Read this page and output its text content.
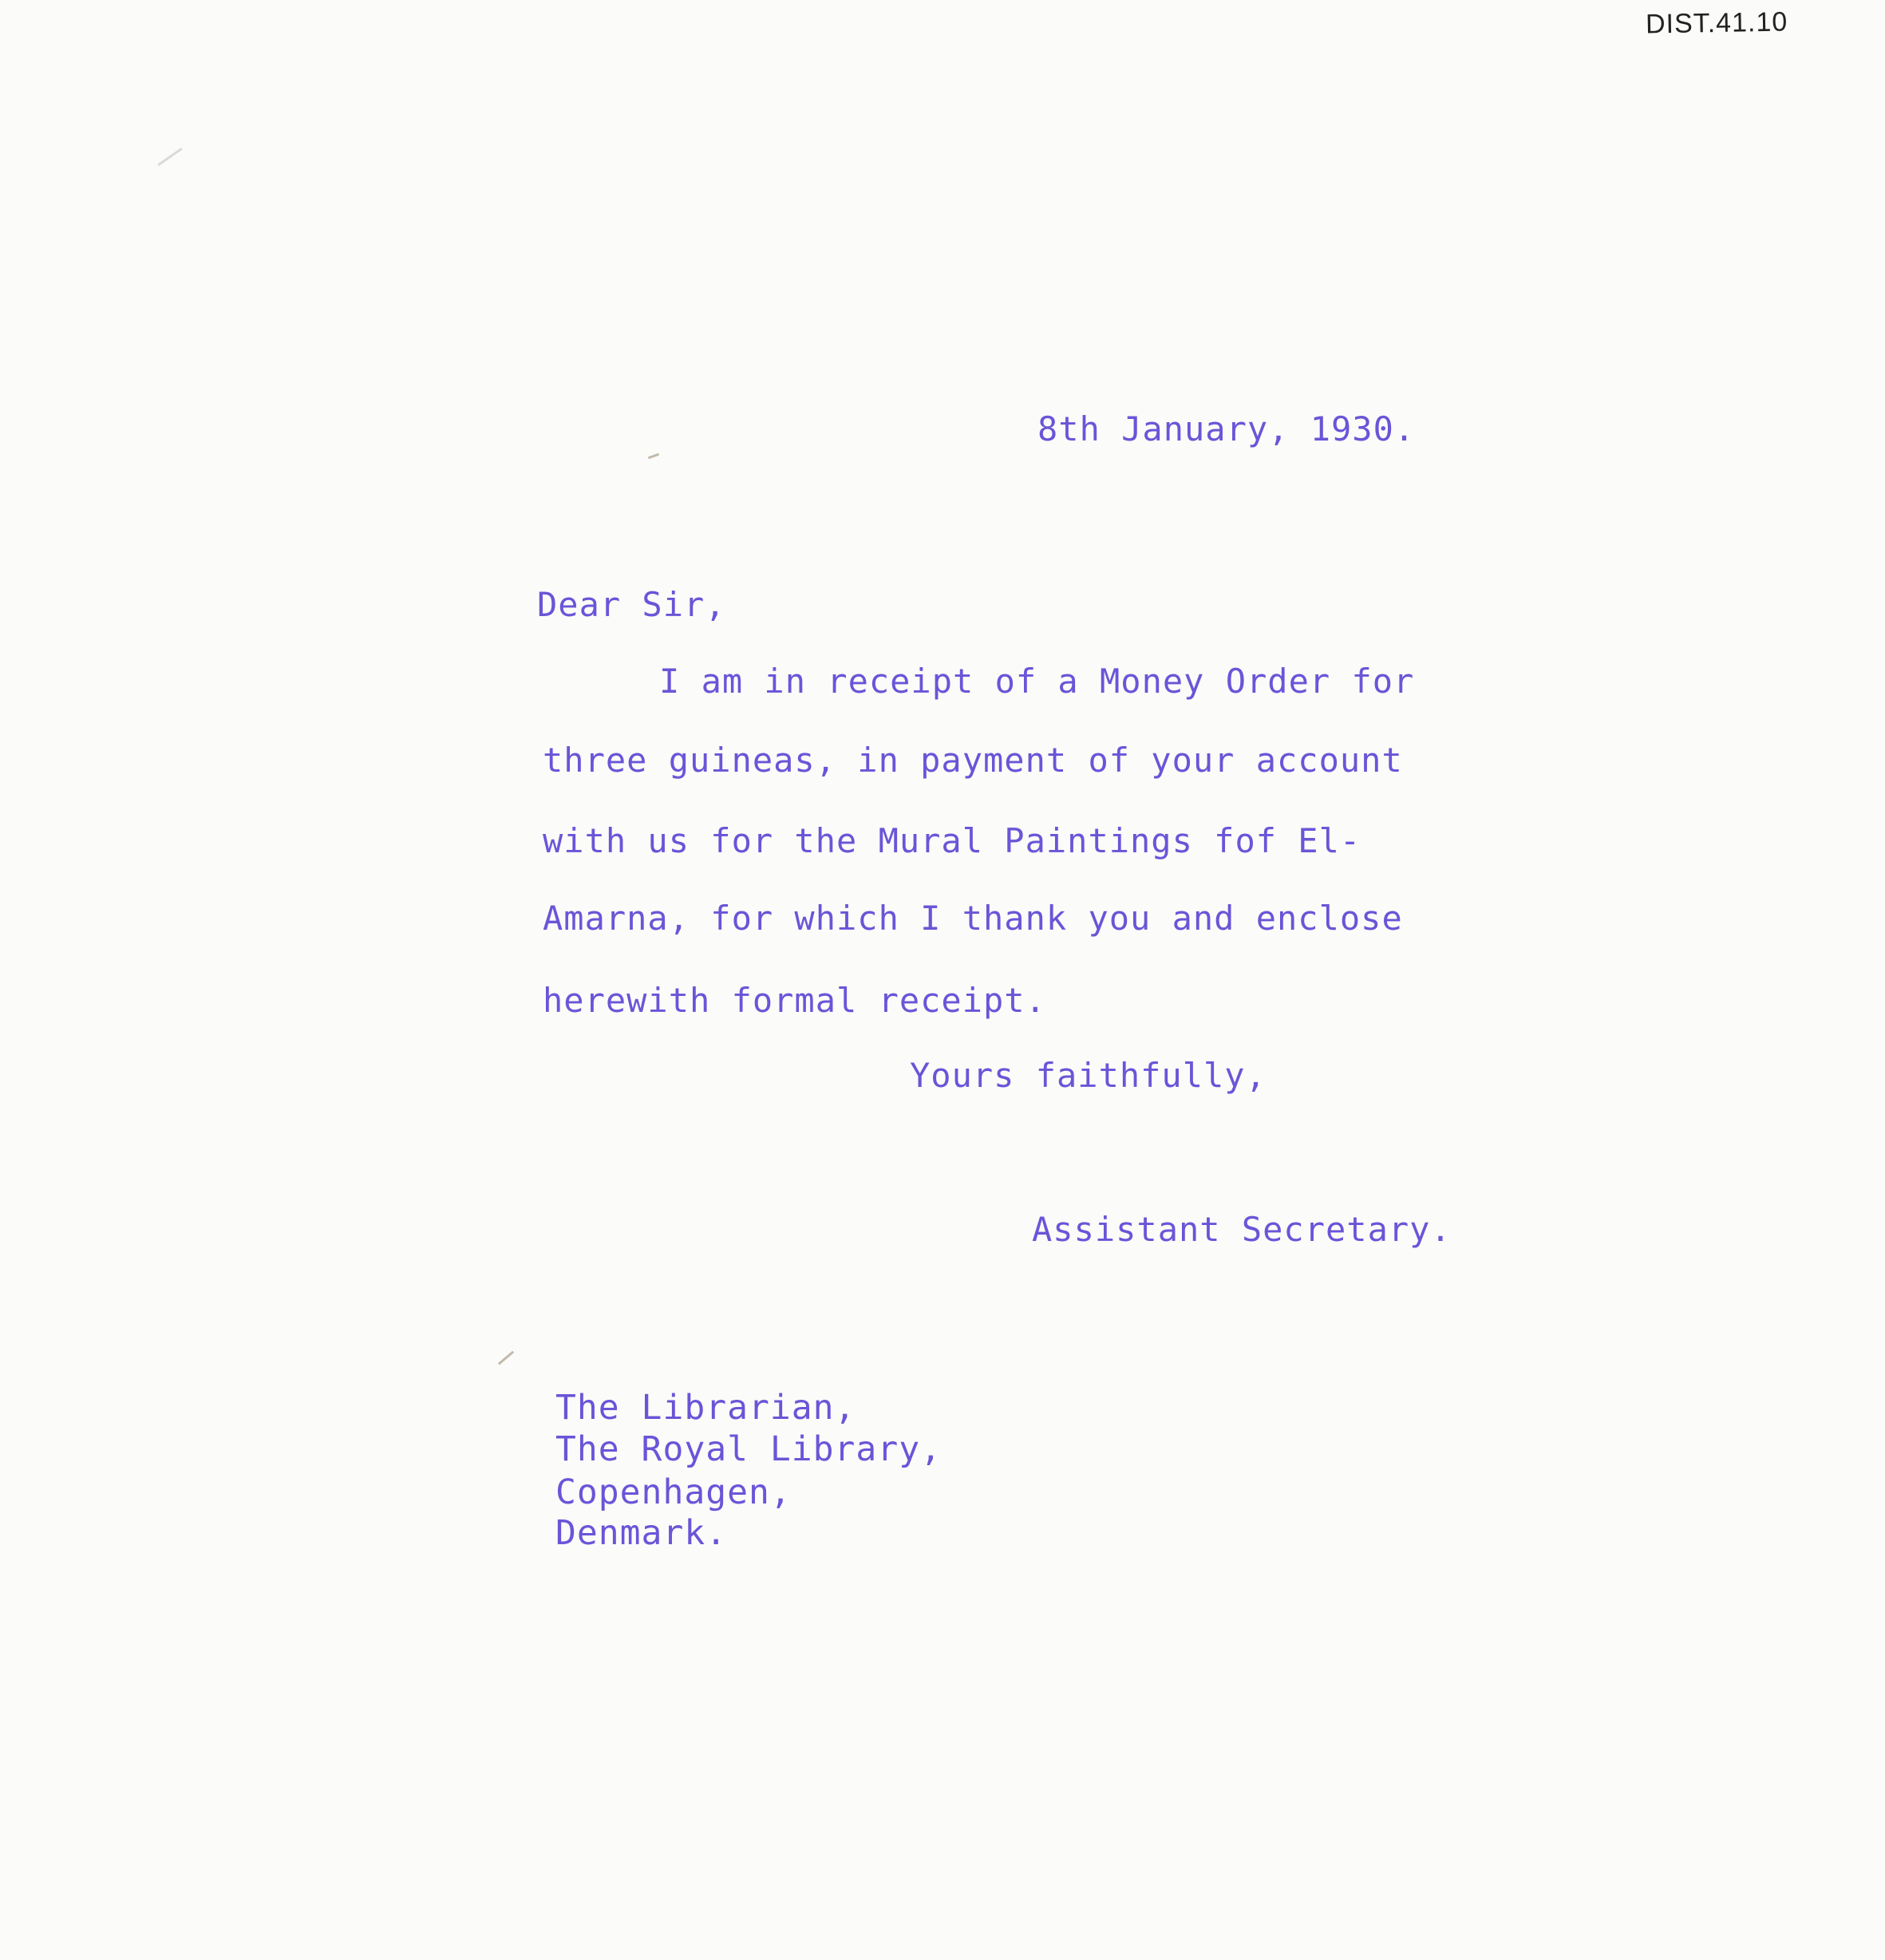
DIST.41.10
8th January, 1930.
Dear Sir,
I am in receipt of a Money Order for
three guineas, in payment of your account
with us for the Mural Paintings fof El-
Amarna, for which I thank you and enclose
herewith formal receipt.
Yours faithfully,
Assistant Secretary.
The Librarian,
The Royal Library,
Copenhagen,
Denmark.
